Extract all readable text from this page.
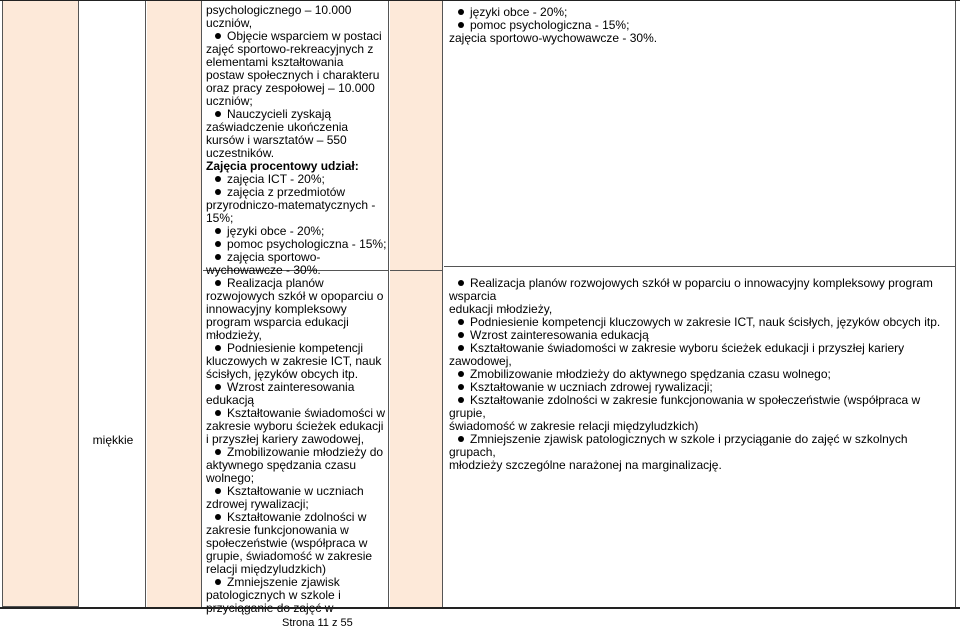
psychologicznego – 10.000

uczniów,

Objęcie wsparciem w postaci

zajęć sportowo-rekreacyjnych z

elementami kształtowania

postaw społecznych i charakteru

oraz pracy zespołowej – 10.000

uczniów;

Nauczycieli zyskają

zaświadczenie ukończenia

kursów i warsztatów – 550

uczestników.

Zajęcia procentowy udział:

zajęcia ICT - 20%;

zajęcia z przedmiotów

przyrodniczo-matematycznych -

15%;

języki obce - 20%;

pomoc psychologiczna - 15%;

zajęcia sportowo-

wychowawcze - 30%.

Realizacja planów

rozwojowych szkół w opoparciu o

innowacyjny kompleksowy

program wsparcia edukacji

młodzieży,

Podniesienie kompetencji

kluczowych w zakresie ICT, nauk

ścisłych, języków obcych itp.

Wzrost zainteresowania

edukacją

Kształtowanie świadomości w

zakresie wyboru ścieżek edukacji

i przyszłej kariery zawodowej,

Zmobilizowanie młodzieży do

aktywnego spędzania czasu

wolnego;

Kształtowanie w uczniach

zdrowej rywalizacji;

Kształtowanie zdolności w

zakresie funkcjonowania w

społeczeństwie (współpraca w

grupie, świadomość w zakresie

relacji międzyludzkich)

Zmniejszenie zjawisk

patologicznych w szkole i

języki obce - 20%;

pomoc psychologiczna - 15%;

zajęcia sportowo-wychowawcze - 30%.

Realizacja planów rozwojowych szkół w poparciu o innowacyjny kompleksowy program wsparcia

edukacji młodzieży,

Podniesienie kompetencji kluczowych w zakresie ICT, nauk ścisłych, języków obcych itp.

Wzrost zainteresowania edukacją

Kształtowanie świadomości w zakresie wyboru ścieżek edukacji i przyszłej kariery zawodowej,

Zmobilizowanie młodzieży do aktywnego spędzania czasu wolnego;

Kształtowanie w uczniach zdrowej rywalizacji;

Kształtowanie zdolności w zakresie funkcjonowania w społeczeństwie (współpraca w grupie,

świadomość w zakresie relacji międzyludzkich)

Zmniejszenie zjawisk patologicznych w szkole i przyciąganie do zajęć w szkolnych grupach,

młodzieży szczególne narażonej na marginalizację.

miękkie
Strona 11 z 55
